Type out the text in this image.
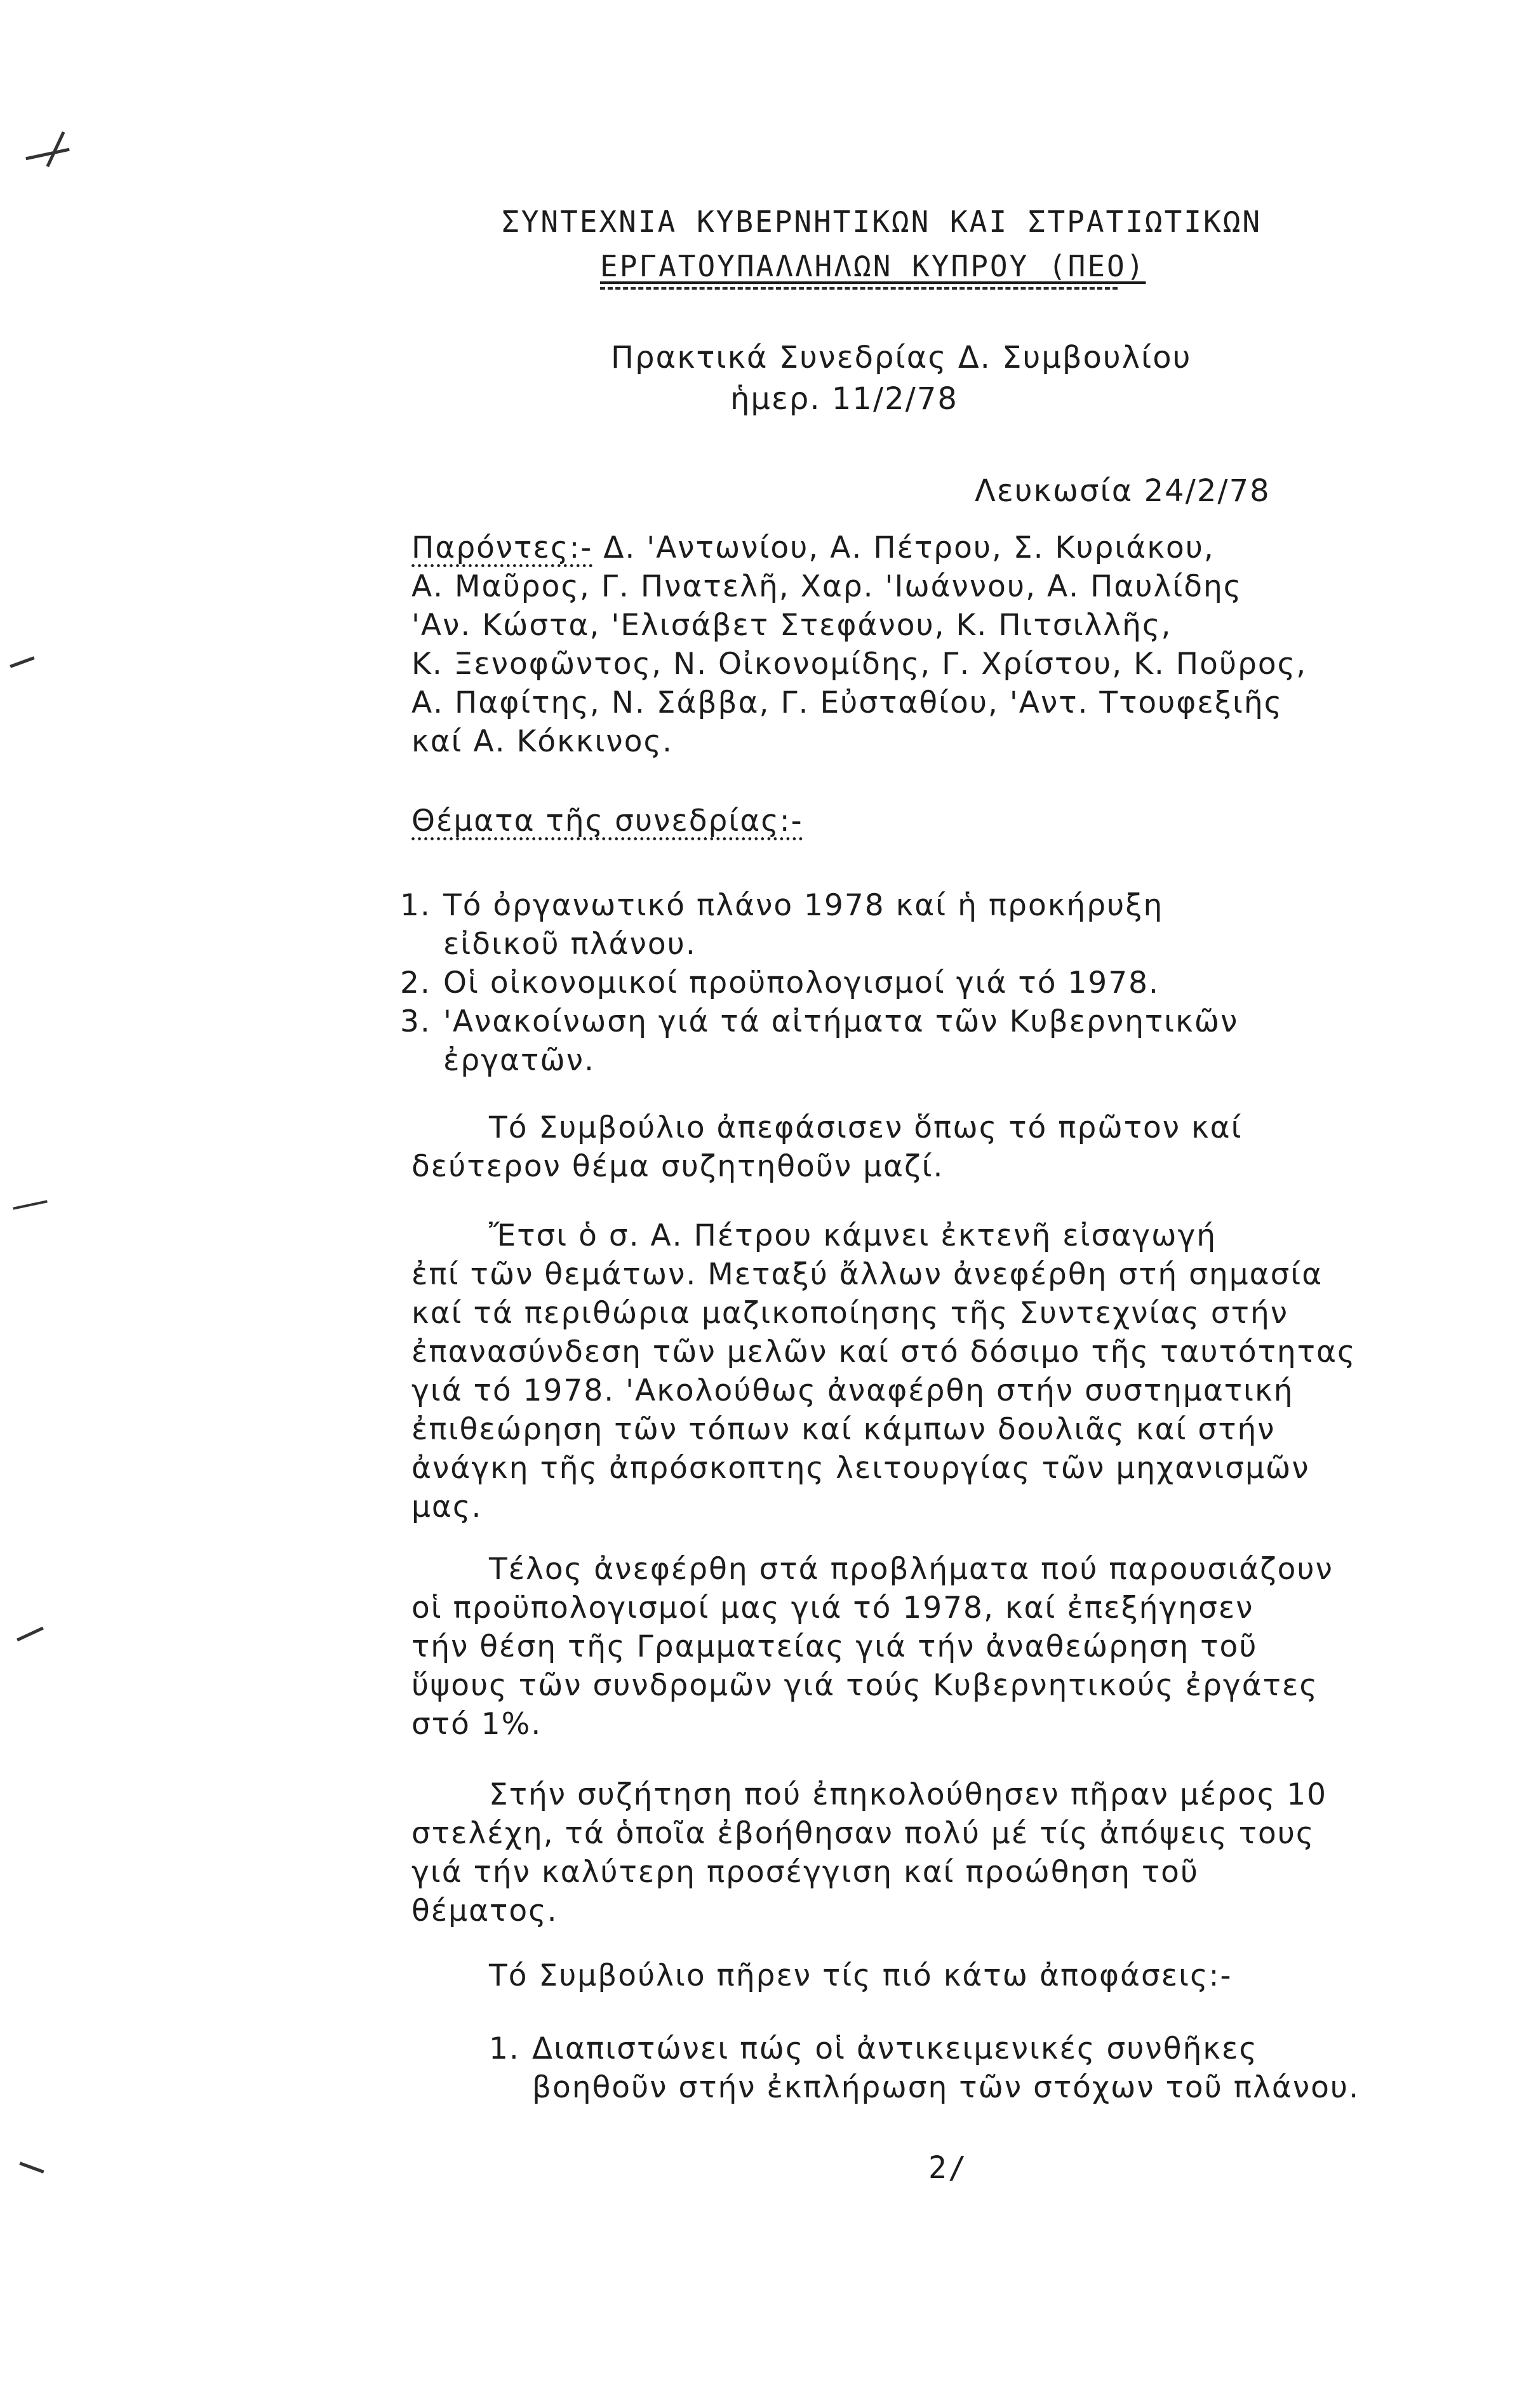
ΣΥΝΤΕΧΝΙΑ ΚΥΒΕΡΝΗΤΙΚΩΝ ΚΑΙ ΣΤΡΑΤΙΩΤΙΚΩΝ
ΕΡΓΑΤΟΥΠΑΛΛΗΛΩΝ ΚΥΠΡΟΥ (ΠΕΟ)
Πρακτικά Συνεδρίας Δ. Συμβουλίου
ἡμερ. 11/2/78
Λευκωσία 24/2/78
Παρόντες:- Δ. 'Αντωνίου, Α. Πέτρου, Σ. Κυριάκου,
Α. Μαῦρος, Γ. Πνατελῆ, Χαρ. 'Ιωάννου, Α. Παυλίδης
'Αν. Κώστα, 'Ελισάβετ Στεφάνου, Κ. Πιτσιλλῆς,
Κ. Ξενοφῶντος, Ν. Οἰκονομίδης, Γ. Χρίστου, Κ. Ποῦρος,
Α. Παφίτης, Ν. Σάββα, Γ. Εὐσταθίου, 'Αντ. Ττουφεξιῆς
καί Α. Κόκκινος.
Θέματα τῆς συνεδρίας:-
1. Τό ὀργανωτικό πλάνο 1978 καί ἡ προκήρυξη
εἰδικοῦ πλάνου.
2. Οἱ οἰκονομικοί προϋπολογισμοί γιά τό 1978.
3. 'Ανακοίνωση γιά τά αἰτήματα τῶν Κυβερνητικῶν
ἐργατῶν.
Τό Συμβούλιο ἀπεφάσισεν ὅπως τό πρῶτον καί
δεύτερον θέμα συζητηθοῦν μαζί.
Ἔτσι ὁ σ. Α. Πέτρου κάμνει ἐκτενῆ εἰσαγωγή
ἐπί τῶν θεμάτων. Μεταξύ ἄλλων ἀνεφέρθη στή σημασία
καί τά περιθώρια μαζικοποίησης τῆς Συντεχνίας στήν
ἐπανασύνδεση τῶν μελῶν καί στό δόσιμο τῆς ταυτότητας
γιά τό 1978. 'Ακολούθως ἀναφέρθη στήν συστηματική
ἐπιθεώρηση τῶν τόπων καί κάμπων δουλιᾶς καί στήν
ἀνάγκη τῆς ἀπρόσκοπτης λειτουργίας τῶν μηχανισμῶν
μας.
Τέλος ἀνεφέρθη στά προβλήματα πού παρουσιάζουν
οἱ προϋπολογισμοί μας γιά τό 1978, καί ἐπεξήγησεν
τήν θέση τῆς Γραμματείας γιά τήν ἀναθεώρηση τοῦ
ὕψους τῶν συνδρομῶν γιά τούς Κυβερνητικούς ἐργάτες
στό 1%.
Στήν συζήτηση πού ἐπηκολούθησεν πῆραν μέρος 10
στελέχη, τά ὁποῖα ἐβοήθησαν πολύ μέ τίς ἀπόψεις τους
γιά τήν καλύτερη προσέγγιση καί προώθηση τοῦ
θέματος.
Τό Συμβούλιο πῆρεν τίς πιό κάτω ἀποφάσεις:-
1. Διαπιστώνει πώς οἱ ἀντικειμενικές συνθῆκες
βοηθοῦν στήν ἐκπλήρωση τῶν στόχων τοῦ πλάνου.
2/
